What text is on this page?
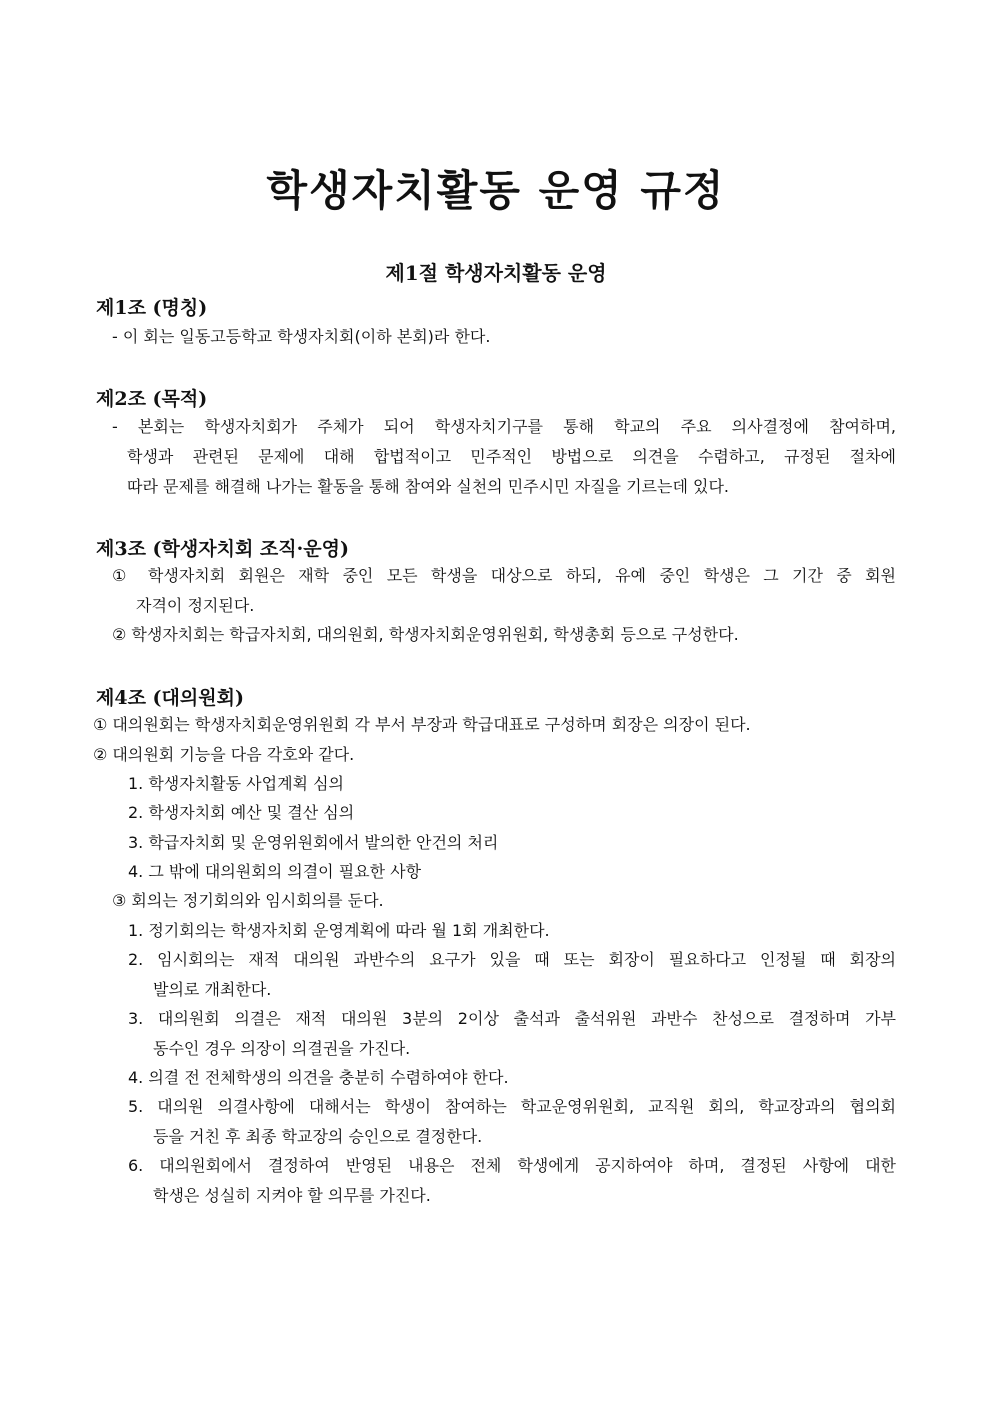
학생자치활동 운영 규정
제1절 학생자치활동 운영
제1조 (명칭)
- 이 회는 일동고등학교 학생자치회(이하 본회)라 한다.
제2조 (목적)
- 본회는 학생자치회가 주체가 되어 학생자치기구를 통해 학교의 주요 의사결정에 참여하며,
학생과 관련된 문제에 대해 합법적이고 민주적인 방법으로 의견을 수렴하고, 규정된 절차에
따라 문제를 해결해 나가는 활동을 통해 참여와 실천의 민주시민 자질을 기르는데 있다.
제3조 (학생자치회 조직·운영)
① 학생자치회 회원은 재학 중인 모든 학생을 대상으로 하되, 유예 중인 학생은 그 기간 중 회원
자격이 정지된다.
② 학생자치회는 학급자치회, 대의원회, 학생자치회운영위원회, 학생총회 등으로 구성한다.
제4조 (대의원회)
① 대의원회는 학생자치회운영위원회 각 부서 부장과 학급대표로 구성하며 회장은 의장이 된다.
② 대의원회 기능을 다음 각호와 같다.
1. 학생자치활동 사업계획 심의
2. 학생자치회 예산 및 결산 심의
3. 학급자치회 및 운영위원회에서 발의한 안건의 처리
4. 그 밖에 대의원회의 의결이 필요한 사항
③ 회의는 정기회의와 임시회의를 둔다.
1. 정기회의는 학생자치회 운영계획에 따라 월 1회 개최한다.
2. 임시회의는 재적 대의원 과반수의 요구가 있을 때 또는 회장이 필요하다고 인정될 때 회장의
발의로 개최한다.
3. 대의원회 의결은 재적 대의원 3분의 2이상 출석과 출석위원 과반수 찬성으로 결정하며 가부
동수인 경우 의장이 의결권을 가진다.
4. 의결 전 전체학생의 의견을 충분히 수렴하여야 한다.
5. 대의원 의결사항에 대해서는 학생이 참여하는 학교운영위원회, 교직원 회의, 학교장과의 협의회
등을 거친 후 최종 학교장의 승인으로 결정한다.
6. 대의원회에서 결정하여 반영된 내용은 전체 학생에게 공지하여야 하며, 결정된 사항에 대한
학생은 성실히 지켜야 할 의무를 가진다.
